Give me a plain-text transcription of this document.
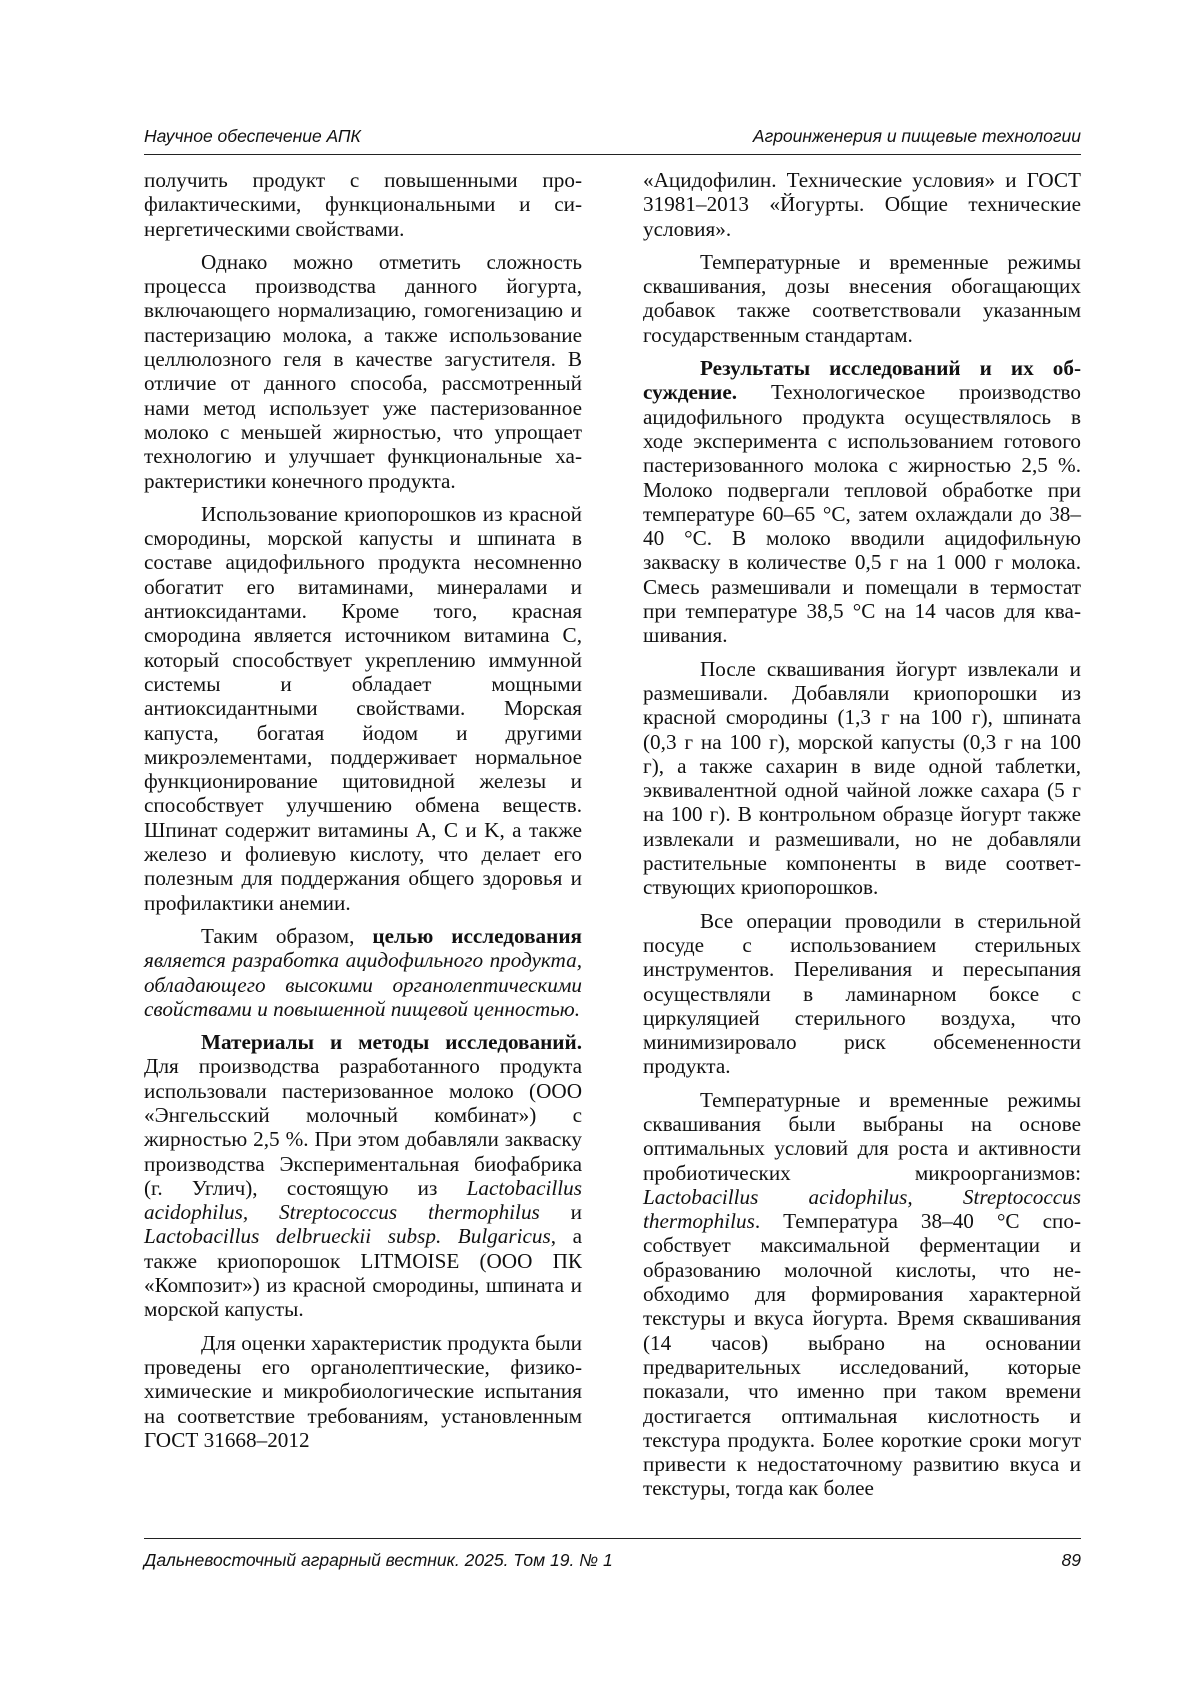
Научное обеспечение АПК	Агроинженерия и пищевые технологии

получить продукт с повышенными профилактическими, функциональными и синергетическими свойствами.

Однако можно отметить сложность процесса производства данного йогурта, включающего нормализацию, гомогенизацию и пастеризацию молока, а также использование целлюлозного геля в качестве загустителя. В отличие от данного способа, рассмотренный нами метод использует уже пастеризованное молоко с меньшей жирностью, что упрощает технологию и улучшает функциональные характеристики конечного продукта.

Использование криопорошков из красной смородины, морской капусты и шпината в составе ацидофильного продукта несомненно обогатит его витаминами, минералами и антиоксидантами. Кроме того, красная смородина является источником витамина C, который способствует укреплению иммунной системы и обладает мощными антиоксидантными свойствами. Морская капуста, богатая йодом и другими микроэлементами, поддерживает нормальное функционирование щитовидной железы и способствует улучшению обмена веществ. Шпинат содержит витамины A, C и K, а также железо и фолиевую кислоту, что делает его полезным для поддержания общего здоровья и профилактики анемии.

Таким образом, целью исследования является разработка ацидофильного продукта, обладающего высокими органолептическими свойствами и повышенной пищевой ценностью.

Материалы и методы исследований. Для производства разработанного продукта использовали пастеризованное молоко (ООО «Энгельсский молочный комбинат») с жирностью 2,5 %. При этом добавляли закваску производства Экспериментальная биофабрика (г. Углич), состоящую из Lactobacillus acidophilus, Streptococcus thermophilus и Lactobacillus delbrueckii subsp. Bulgaricus, а также криопорошок LITMOISE (ООО ПК «Композит») из красной смородины, шпината и морской капусты.

Для оценки характеристик продукта были проведены его органолептические, физико-химические и микробиологические испытания на соответствие требованиям, установленным ГОСТ 31668–2012

«Ацидофилин. Технические условия» и ГОСТ 31981–2013 «Йогурты. Общие технические условия».

Температурные и временные режимы сквашивания, дозы внесения обогащающих добавок также соответствовали указанным государственным стандартам.

Результаты исследований и их обсуждение. Технологическое производство ацидофильного продукта осуществлялось в ходе эксперимента с использованием готового пастеризованного молока с жирностью 2,5 %. Молоко подвергали тепловой обработке при температуре 60–65 °C, затем охлаждали до 38–40 °C. В молоко вводили ацидофильную закваску в количестве 0,5 г на 1 000 г молока. Смесь размешивали и помещали в термостат при температуре 38,5 °C на 14 часов для квашивания.

После сквашивания йогурт извлекали и размешивали. Добавляли криопорошки из красной смородины (1,3 г на 100 г), шпината (0,3 г на 100 г), морской капусты (0,3 г на 100 г), а также сахарин в виде одной таблетки, эквивалентной одной чайной ложке сахара (5 г на 100 г). В контрольном образце йогурт также извлекали и размешивали, но не добавляли растительные компоненты в виде соответствующих криопорошков.

Все операции проводили в стерильной посуде с использованием стерильных инструментов. Переливания и пересыпания осуществляли в ламинарном боксе с циркуляцией стерильного воздуха, что минимизировало риск обсемененности продукта.

Температурные и временные режимы сквашивания были выбраны на основе оптимальных условий для роста и активности пробиотических микроорганизмов: Lactobacillus acidophilus, Streptococcus thermophilus. Температура 38–40 °C способствует максимальной ферментации и образованию молочной кислоты, что необходимо для формирования характерной текстуры и вкуса йогурта. Время сквашивания (14 часов) выбрано на основании предварительных исследований, которые показали, что именно при таком времени достигается оптимальная кислотность и текстура продукта. Более короткие сроки могут привести к недостаточному развитию вкуса и текстуры, тогда как более

Дальневосточный аграрный вестник. 2025. Том 19. № 1	89
